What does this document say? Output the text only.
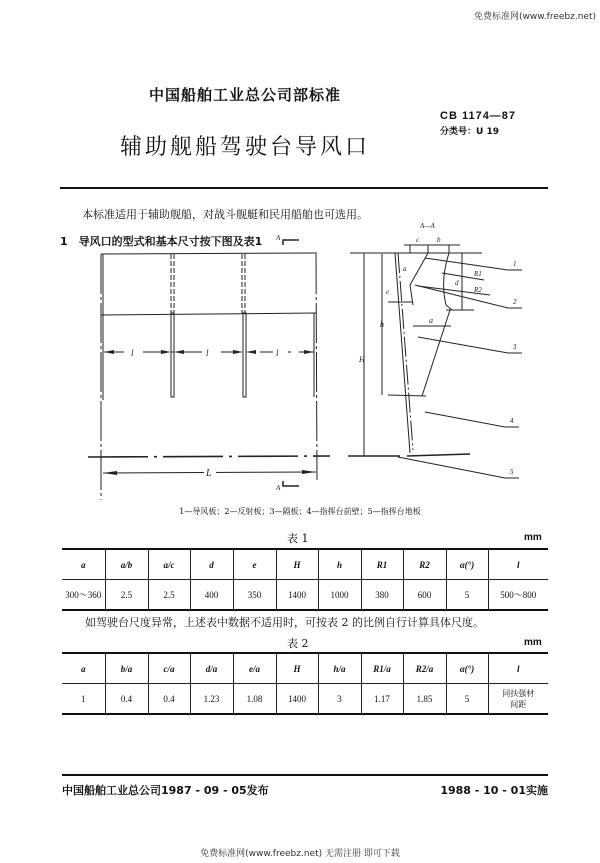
免费标准网(www.freebz.net)
中国船舶工业总公司部标准
CB 1174—87
分类号：U 19
辅助舰船驾驶台导风口
本标准适用于辅助舰船，对战斗舰艇和民用船舶也可选用。
1　导风口的型式和基本尺寸按下图及表1
l	l	l
L
A
A
A—A
c	b
H
h
a
e
d
a
R1
R2
1
2
3
4
5
1—导风板；2—反射板；3—隔板；4—指挥台前壁；5—指挥台地板
表 1	mm
a	a/b	a/c	d	e	H	h	R1	R2	α(°)	l
300～360	2.5	2.5	400	350	1400	1000	380	600	5	500～800
如驾驶台尺度异常，上述表中数据不适用时，可按表 2 的比例自行计算具体尺度。
表 2	mm
a	b/a	c/a	d/a	e/a	H	h/a	R1/a	R2/a	α(°)	l
1	0.4	0.4	1.23	1.08	1400	3	1.17	1.85	5	同扶强材间距
中国船舶工业总公司1987 - 09 - 05发布	1988 - 10 - 01实施
免费标准网(www.freebz.net) 无需注册 即可下载
